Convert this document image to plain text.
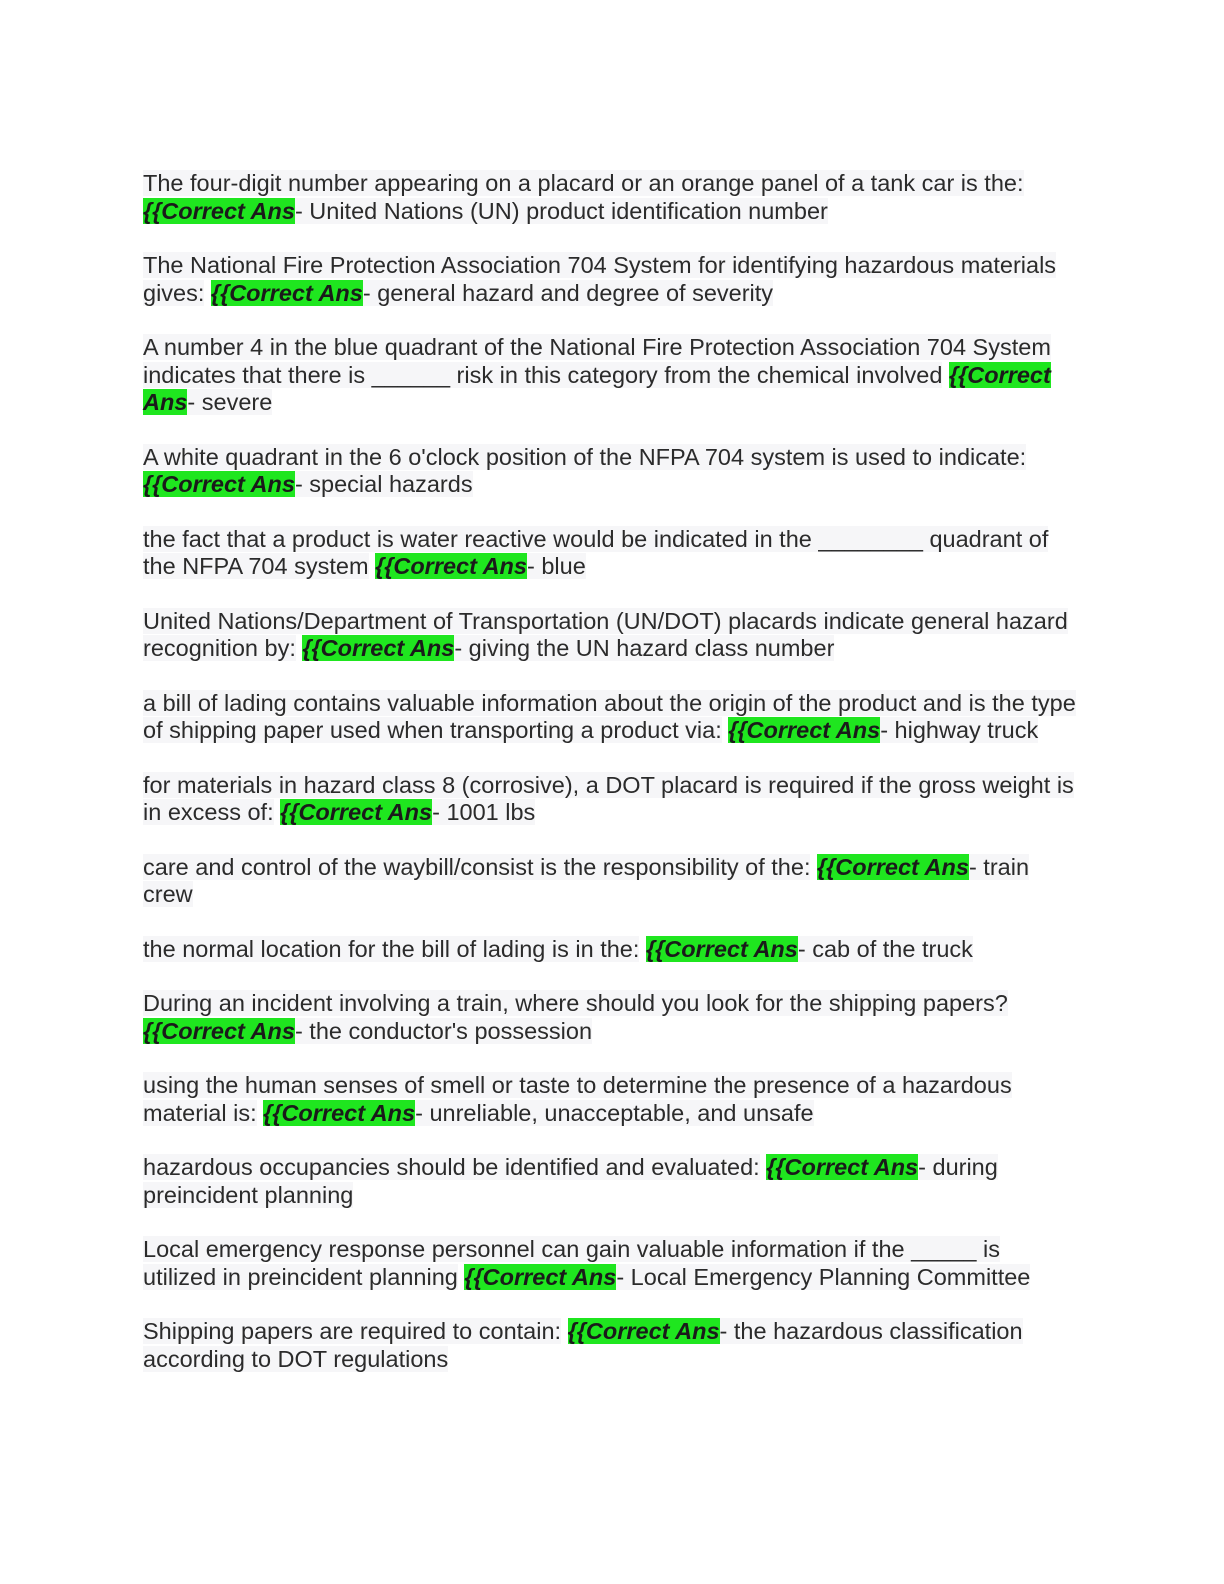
The four-digit number appearing on a placard or an orange panel of a tank car is the: {{Correct Ans- United Nations (UN) product identification number
The National Fire Protection Association 704 System for identifying hazardous materials gives: {{Correct Ans- general hazard and degree of severity
A number 4 in the blue quadrant of the National Fire Protection Association 704 System indicates that there is ______ risk in this category from the chemical involved {{Correct Ans- severe
A white quadrant in the 6 o'clock position of the NFPA 704 system is used to indicate: {{Correct Ans- special hazards
the fact that a product is water reactive would be indicated in the ________ quadrant of the NFPA 704 system {{Correct Ans- blue
United Nations/Department of Transportation (UN/DOT) placards indicate general hazard recognition by: {{Correct Ans- giving the UN hazard class number
a bill of lading contains valuable information about the origin of the product and is the type of shipping paper used when transporting a product via: {{Correct Ans- highway truck
for materials in hazard class 8 (corrosive), a DOT placard is required if the gross weight is in excess of: {{Correct Ans- 1001 lbs
care and control of the waybill/consist is the responsibility of the: {{Correct Ans- train crew
the normal location for the bill of lading is in the: {{Correct Ans- cab of the truck
During an incident involving a train, where should you look for the shipping papers? {{Correct Ans- the conductor's possession
using the human senses of smell or taste to determine the presence of a hazardous material is: {{Correct Ans- unreliable, unacceptable, and unsafe
hazardous occupancies should be identified and evaluated: {{Correct Ans- during preincident planning
Local emergency response personnel can gain valuable information if the _____ is utilized in preincident planning {{Correct Ans- Local Emergency Planning Committee
Shipping papers are required to contain: {{Correct Ans- the hazardous classification according to DOT regulations
